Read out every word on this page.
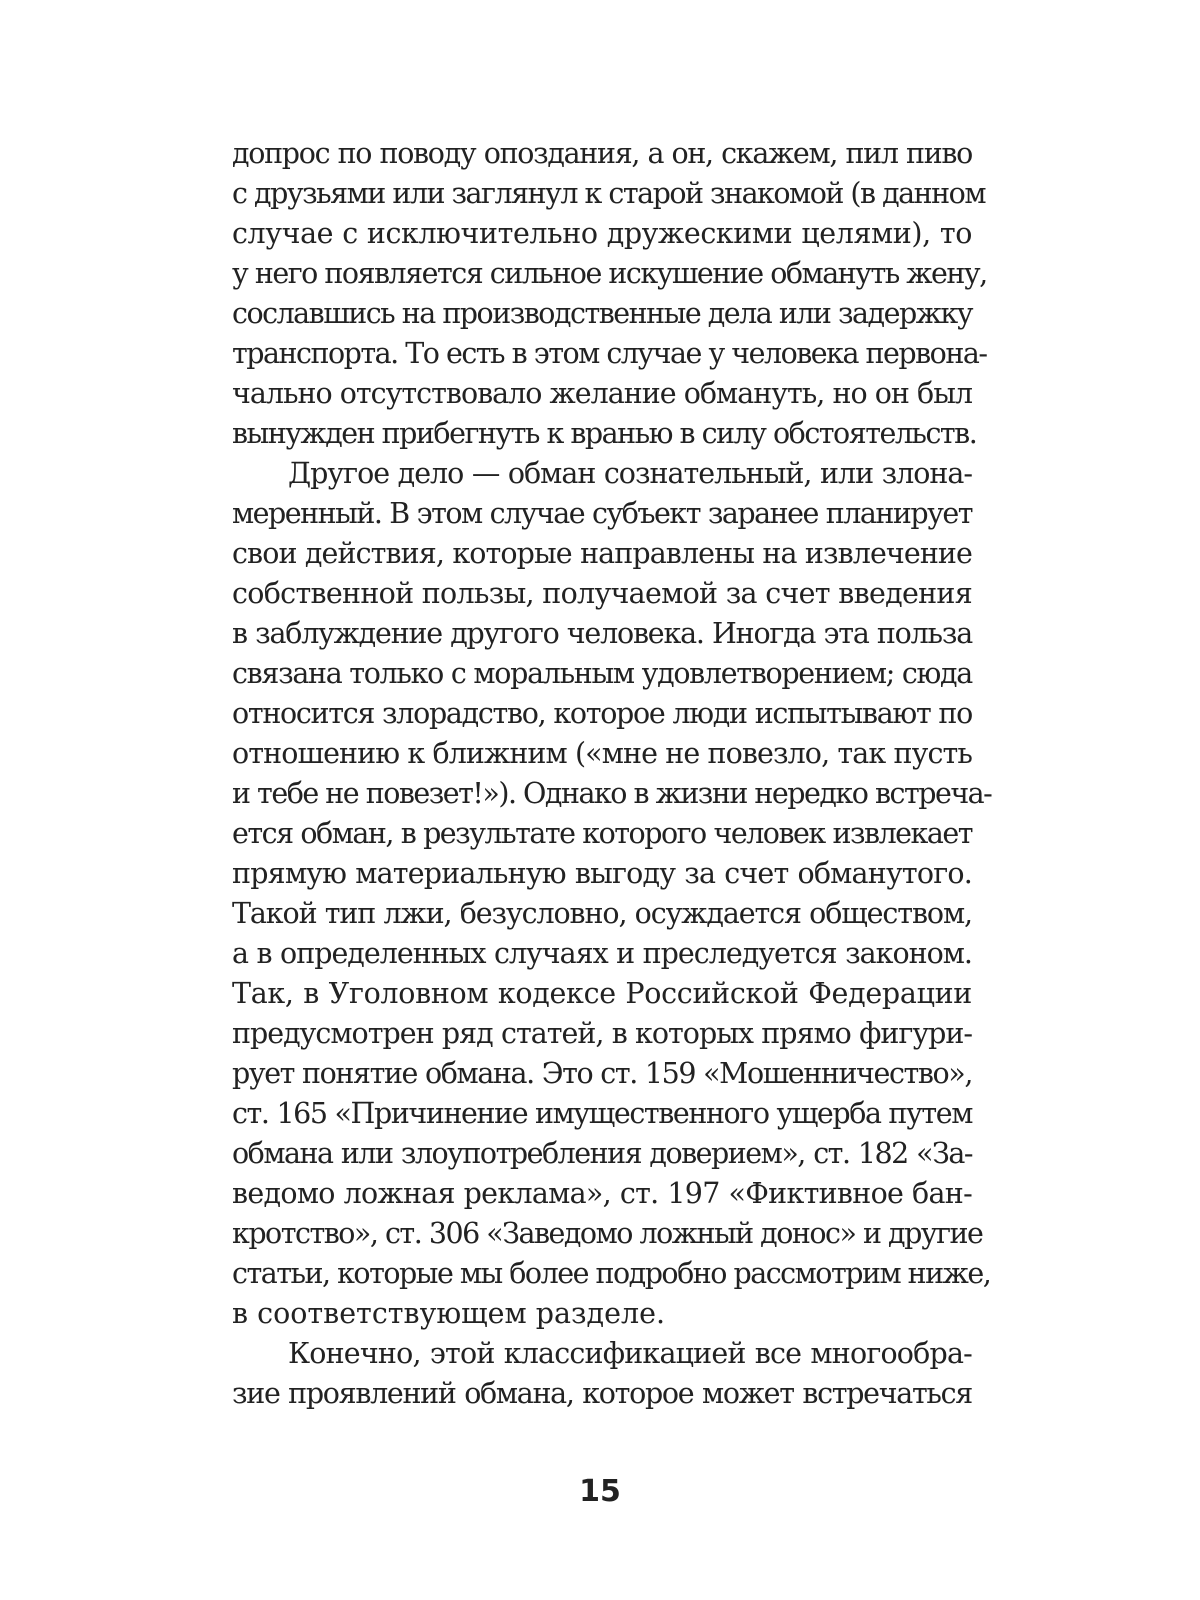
допрос по поводу опоздания, а он, скажем, пил пиво
с друзьями или заглянул к старой знакомой (в данном
случае с исключительно дружескими целями), то
у него появляется сильное искушение обмануть жену,
сославшись на производственные дела или задержку
транспорта. То есть в этом случае у человека первона-
чально отсутствовало желание обмануть, но он был
вынужден прибегнуть к вранью в силу обстоятельств.
Другое дело — обман сознательный, или злона-
меренный. В этом случае субъект заранее планирует
свои действия, которые направлены на извлечение
собственной пользы, получаемой за счет введения
в заблуждение другого человека. Иногда эта польза
связана только с моральным удовлетворением; сюда
относится злорадство, которое люди испытывают по
отношению к ближним («мне не повезло, так пусть
и тебе не повезет!»). Однако в жизни нередко встреча-
ется обман, в результате которого человек извлекает
прямую материальную выгоду за счет обманутого.
Такой тип лжи, безусловно, осуждается обществом,
а в определенных случаях и преследуется законом.
Так, в Уголовном кодексе Российской Федерации
предусмотрен ряд статей, в которых прямо фигури-
рует понятие обмана. Это ст. 159 «Мошенничество»,
ст. 165 «Причинение имущественного ущерба путем
обмана или злоупотребления доверием», ст. 182 «За-
ведомо ложная реклама», ст. 197 «Фиктивное бан-
кротство», ст. 306 «Заведомо ложный донос» и другие
статьи, которые мы более подробно рассмотрим ниже,
в соответствующем разделе.
Конечно, этой классификацией все многообра-
зие проявлений обмана, которое может встречаться
15
